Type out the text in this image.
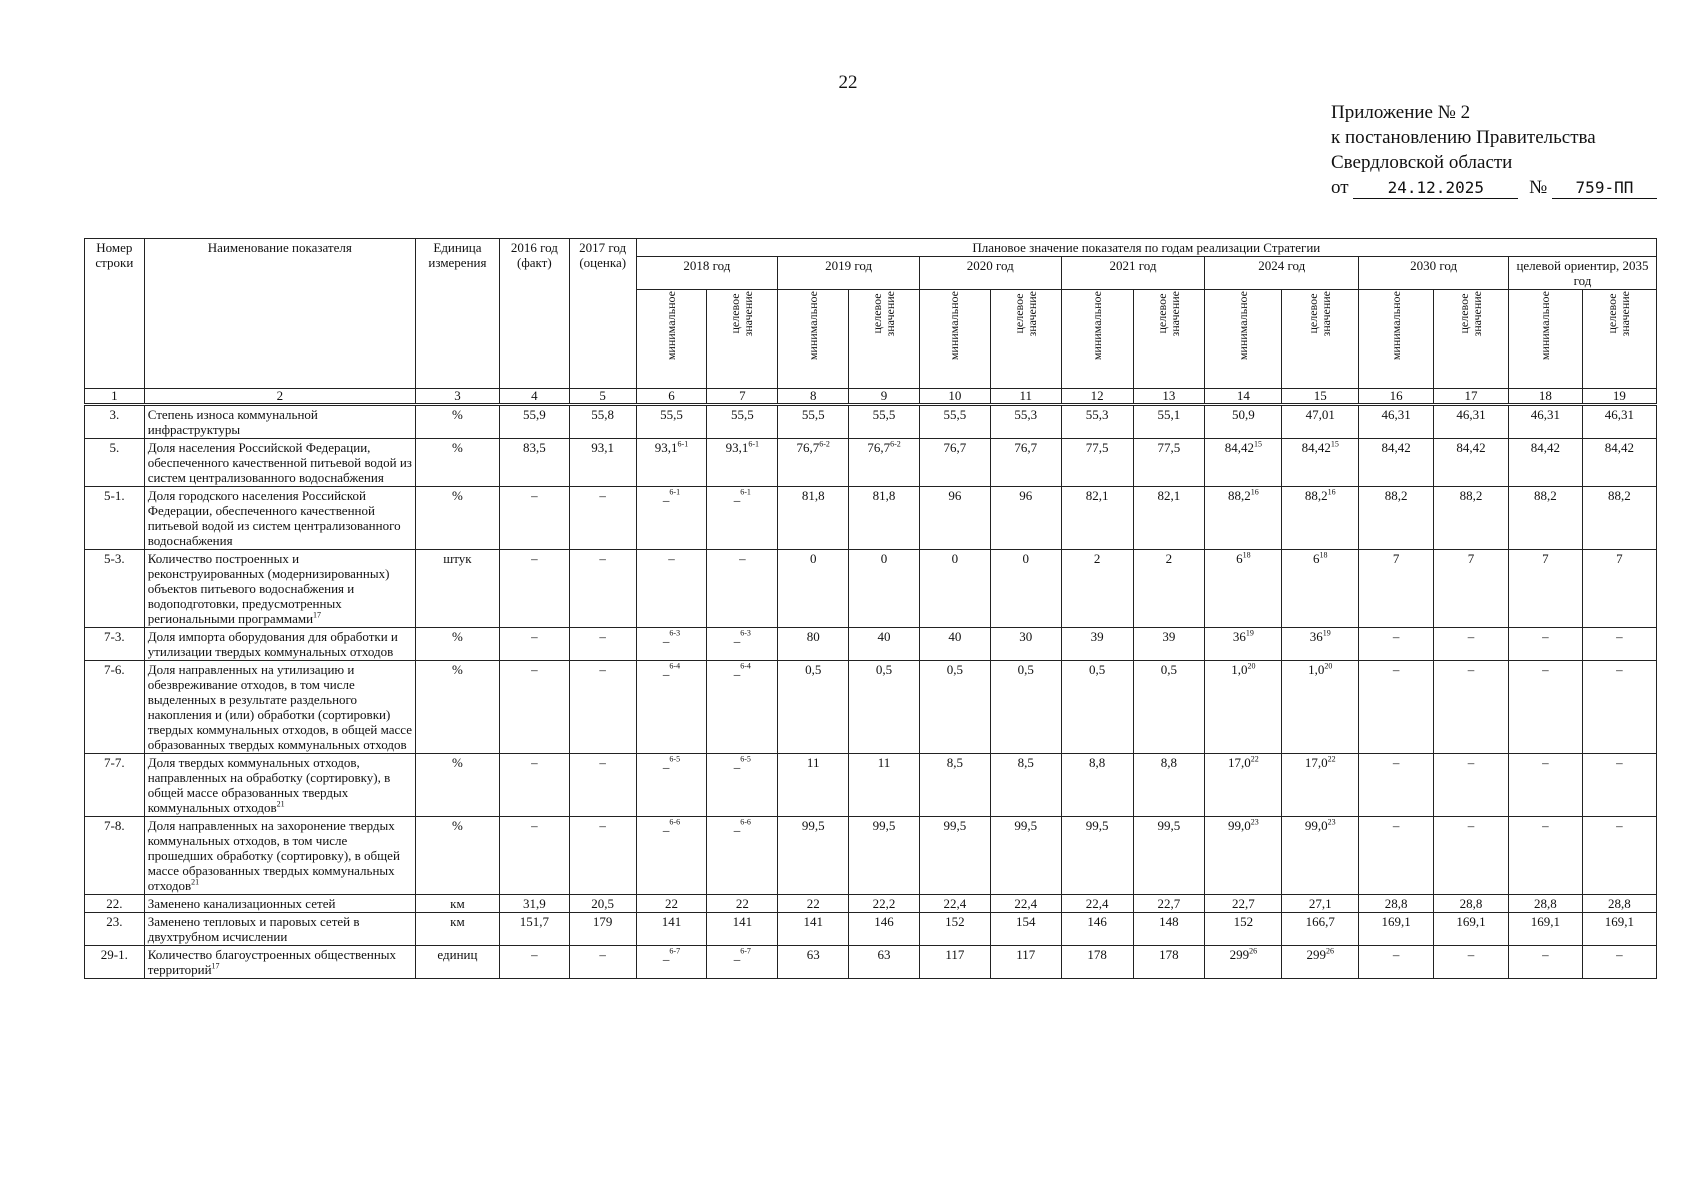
22
Приложение № 2
к постановлению Правительства
Свердловской области
от 24.12.2025 № 759-ПП
Номер строки	Наименование показателя	Единица измерения	2016 год (факт)	2017 год (оценка)	Плановое значение показателя по годам реализации Стратегии													
					2018 год		2019 год		2020 год		2021 год		2024 год		2030 год		целевой ориентир, 2035 год	
					минимальное	целевое
значение	минимальное	целевое
значение	минимальное	целевое
значение	минимальное	целевое
значение	минимальное	целевое
значение	минимальное	целевое
значение	минимальное	целевое
значение
1	2	3	4	5	6	7	8	9	10	11	12	13	14	15	16	17	18	19
3.	Степень износа коммунальной инфраструктуры	%	55,9	55,8	55,5	55,5	55,5	55,5	55,5	55,3	55,3	55,1	50,9	47,01	46,31	46,31	46,31	46,31
5.	Доля населения Российской Федерации, обеспеченного качественной питьевой водой из систем централизованного водоснабжения	%	83,5	93,1	93,1$^{6-1}$	93,1$^{6-1}$	76,7$^{6-2}$	76,7$^{6-2}$	76,7	76,7	77,5	77,5	84,42$^{15}$	84,42$^{15}$	84,42	84,42	84,42	84,42
5-1.	Доля городского населения Российской Федерации, обеспеченного качественной питьевой водой из систем централизованного водоснабжения	%	–	–	_$^{6-1}$	_$^{6-1}$	81,8	81,8	96	96	82,1	82,1	88,2$^{16}$	88,2$^{16}$	88,2	88,2	88,2	88,2
5-3.	Количество построенных и реконструированных (модернизированных) объектов питьевого водоснабжения и водоподготовки, предусмотренных региональными программами$^{17}$	штук	–	–	–	–	0	0	0	0	2	2	$6^{18}$	$6^{18}$	7	7	7	7
7-3.	Доля импорта оборудования для обработки и утилизации твердых коммунальных отходов	%	–	–	_$^{6-3}$	_$^{6-3}$	80	40	40	30	39	39	$36^{19}$	$36^{19}$	–	–	–	–
7-6.	Доля направленных на утилизацию и обезвреживание отходов, в том числе выделенных в результате раздельного накопления и (или) обработки (сортировки) твердых коммунальных отходов, в общей массе образованных твердых коммунальных отходов	%	–	–	_$^{6-4}$	_$^{6-4}$	0,5	0,5	0,5	0,5	0,5	0,5	$1,0^{20}$	$1,0^{20}$	–	–	–	–
7-7.	Доля твердых коммунальных отходов, направленных на обработку (сортировку), в общей массе образованных твердых коммунальных отходов$^{21}$	%	–	–	_$^{6-5}$	_$^{6-5}$	11	11	8,5	8,5	8,8	8,8	17,0$^{22}$	17,0$^{22}$	–	–	–	–
7-8.	Доля направленных на захоронение твердых коммунальных отходов, в том числе прошедших обработку (сортировку), в общей массе образованных твердых коммунальных отходов$^{21}$	%	–	–	_$^{6-6}$	_$^{6-6}$	99,5	99,5	99,5	99,5	99,5	99,5	99,0$^{23}$	99,0$^{23}$	–	–	–	–
22.	Заменено канализационных сетей	км	31,9	20,5	22	22	22	22,2	22,4	22,4	22,4	22,7	22,7	27,1	28,8	28,8	28,8	28,8
23.	Заменено тепловых и паровых сетей в двухтрубном исчислении	км	151,7	179	141	141	141	146	152	154	146	148	152	166,7	169,1	169,1	169,1	169,1
29-1.	Количество благоустроенных общественных территорий$^{17}$	единиц	–	–	_$^{6-7}$	_$^{6-7}$	63	63	117	117	178	178	$299^{26}$	$299^{26}$	–	–	–	–
